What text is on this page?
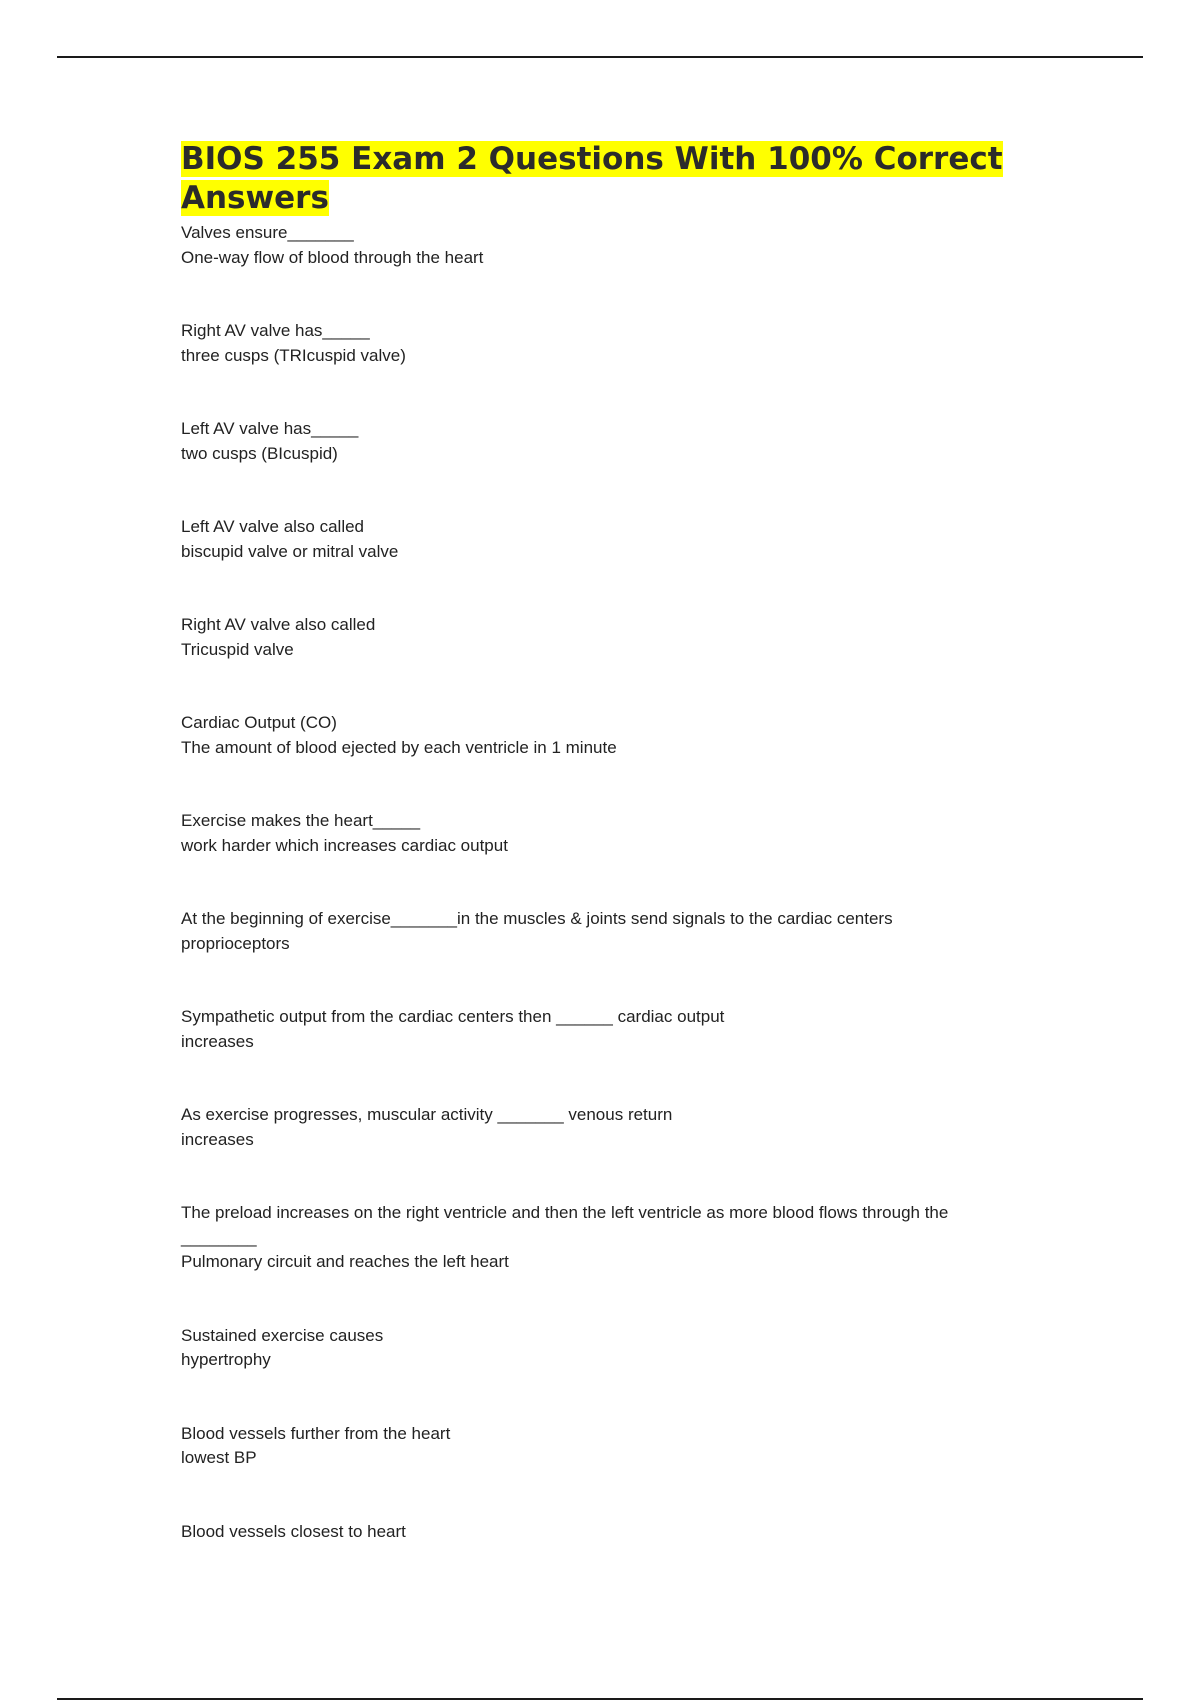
BIOS 255 Exam 2 Questions With 100% Correct Answers
Valves ensure_______
One-way flow of blood through the heart
Right AV valve has_____
three cusps (TRIcuspid valve)
Left AV valve has_____
two cusps (BIcuspid)
Left AV valve also called
biscupid valve or mitral valve
Right AV valve also called
Tricuspid valve
Cardiac Output (CO)
The amount of blood ejected by each ventricle in 1 minute
Exercise makes the heart_____
work harder which increases cardiac output
At the beginning of exercise_______in the muscles & joints send signals to the cardiac centers
proprioceptors
Sympathetic output from the cardiac centers then ______ cardiac output
increases
As exercise progresses, muscular activity _______ venous return
increases
The preload increases on the right ventricle and then the left ventricle as more blood flows through the ________
Pulmonary circuit and reaches the left heart
Sustained exercise causes
hypertrophy
Blood vessels further from the heart
lowest BP
Blood vessels closest to heart
